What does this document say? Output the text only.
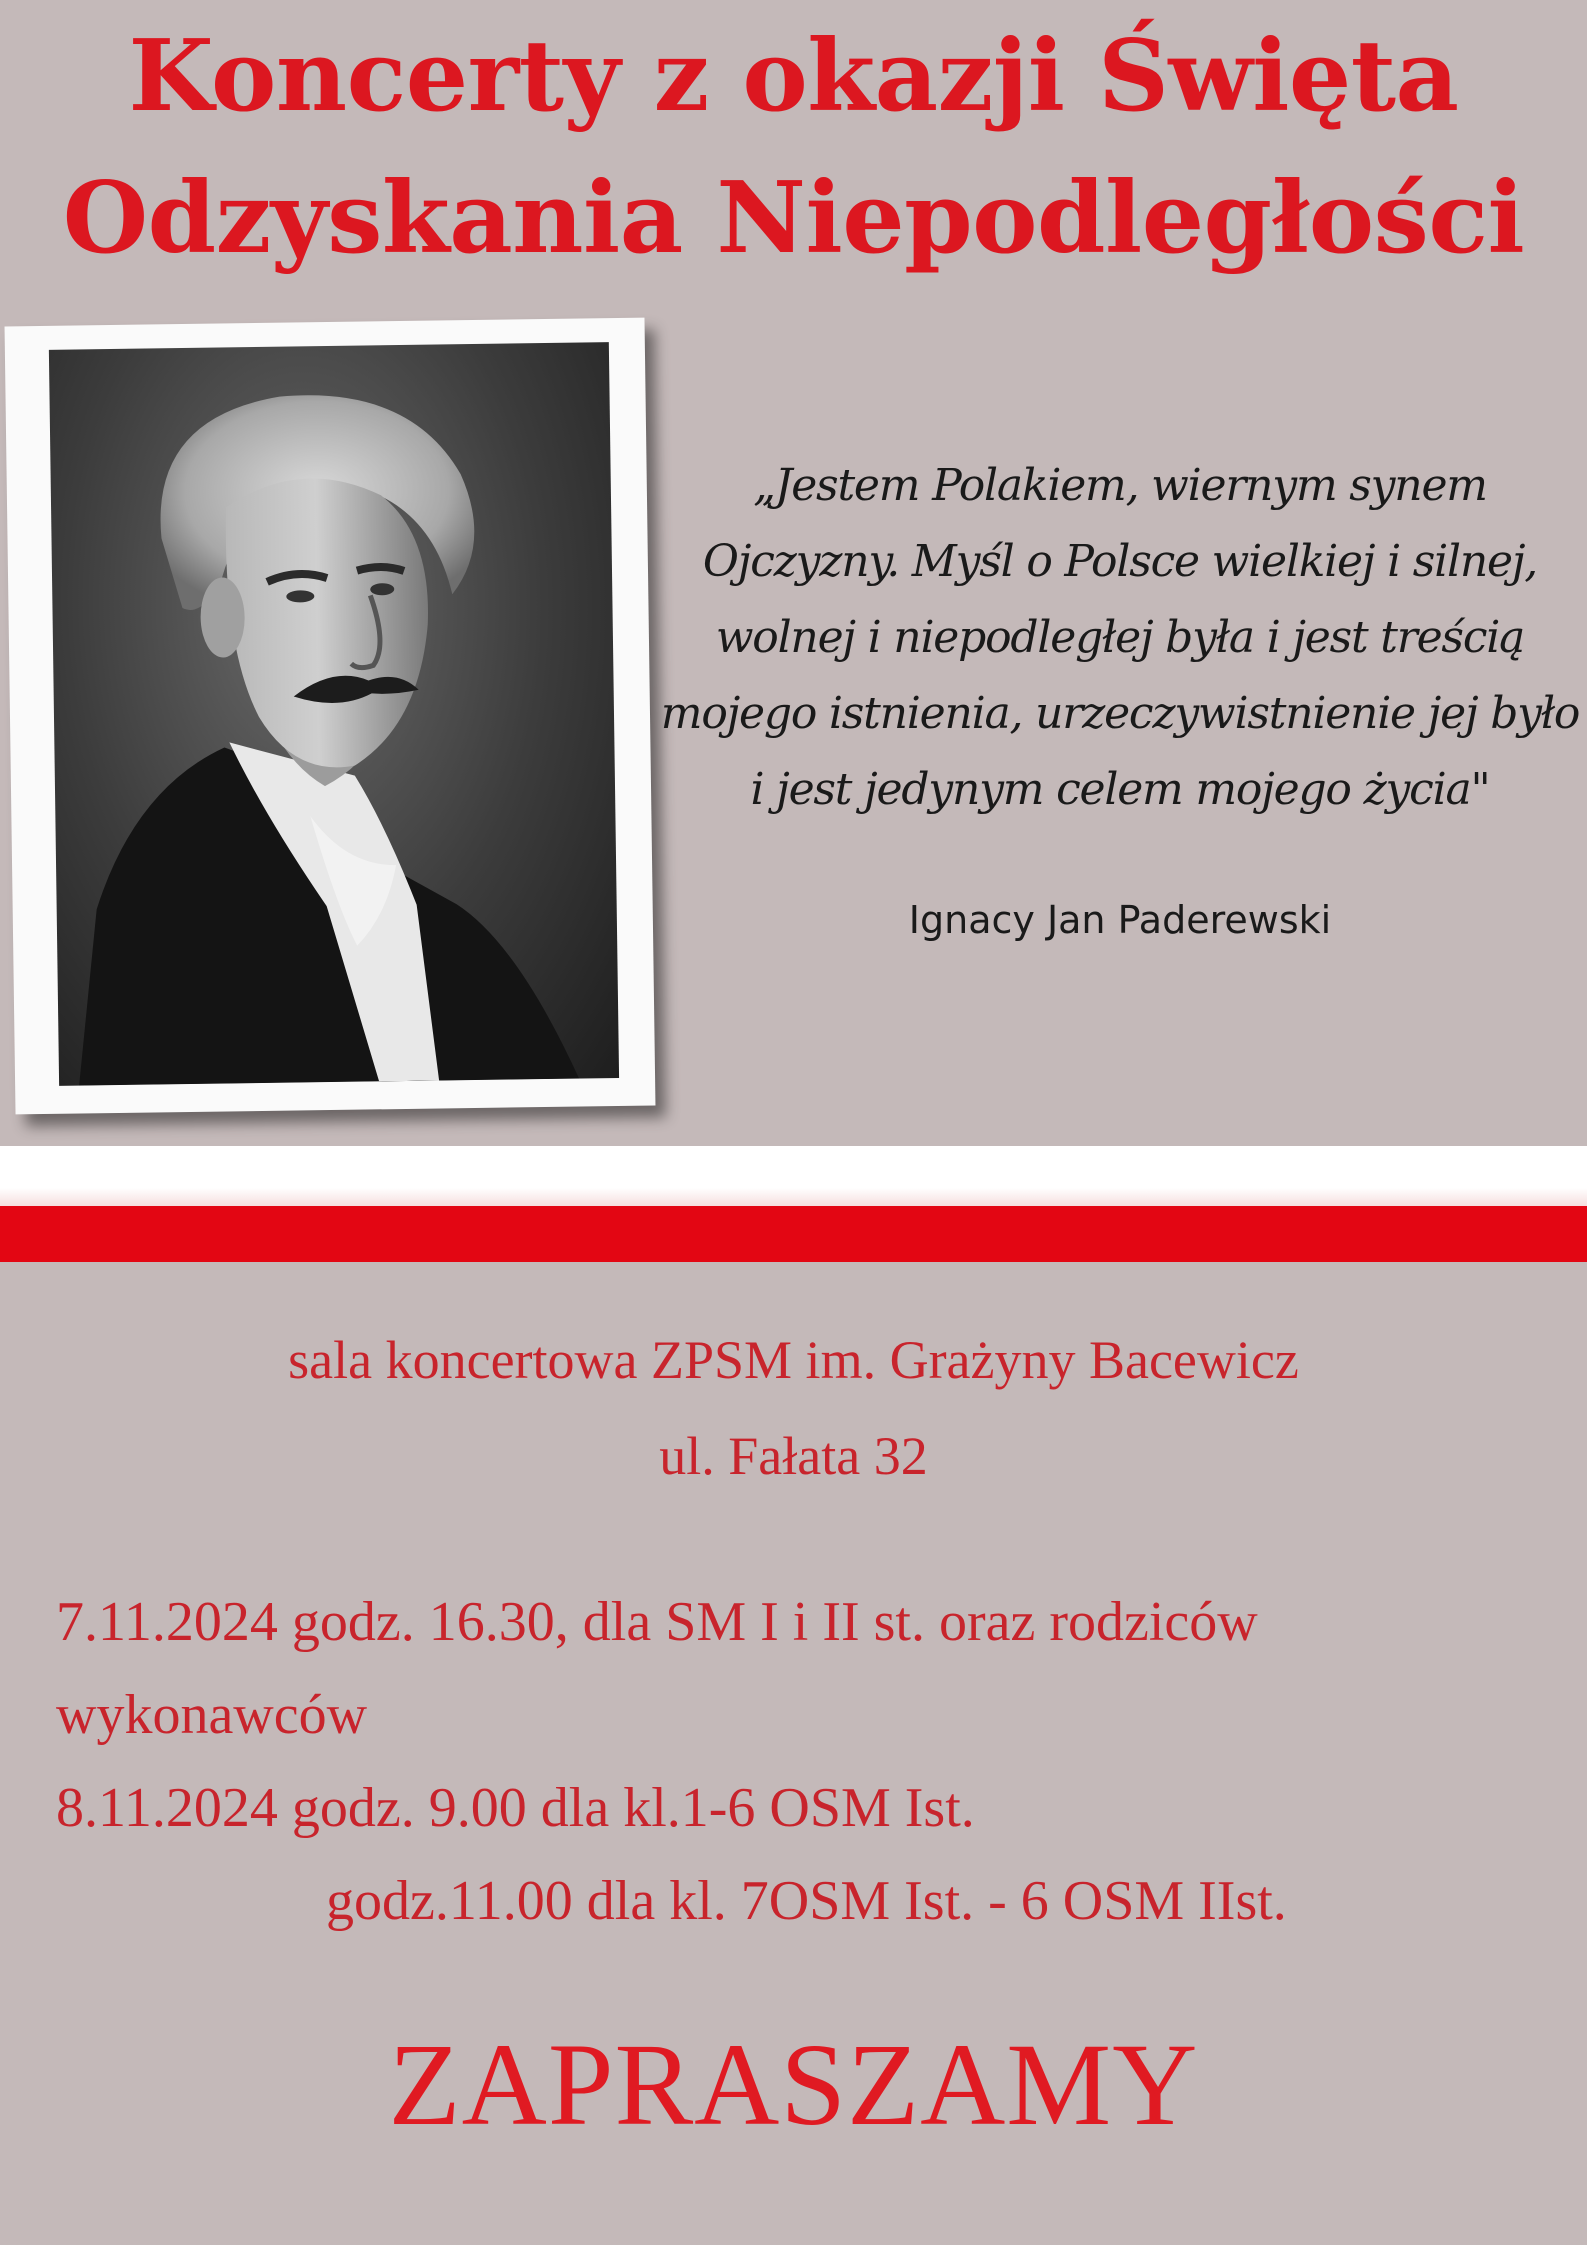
Koncerty z okazji Święta
Odzyskania Niepodległości

„Jestem Polakiem, wiernym synem
Ojczyzny. Myśl o Polsce wielkiej i silnej,
wolnej i niepodległej była i jest treścią
mojego istnienia, urzeczywistnienie jej było
i jest jedynym celem mojego życia"

Ignacy Jan Paderewski
sala koncertowa ZPSM im. Grażyny Bacewicz
ul. Fałata 32
7.11.2024 godz. 16.30, dla SM I i II st. oraz rodziców
wykonawców
8.11.2024 godz. 9.00 dla kl.1-6 OSM Ist.
godz.11.00 dla kl. 7OSM Ist. - 6 OSM IIst.
ZAPRASZAMY
